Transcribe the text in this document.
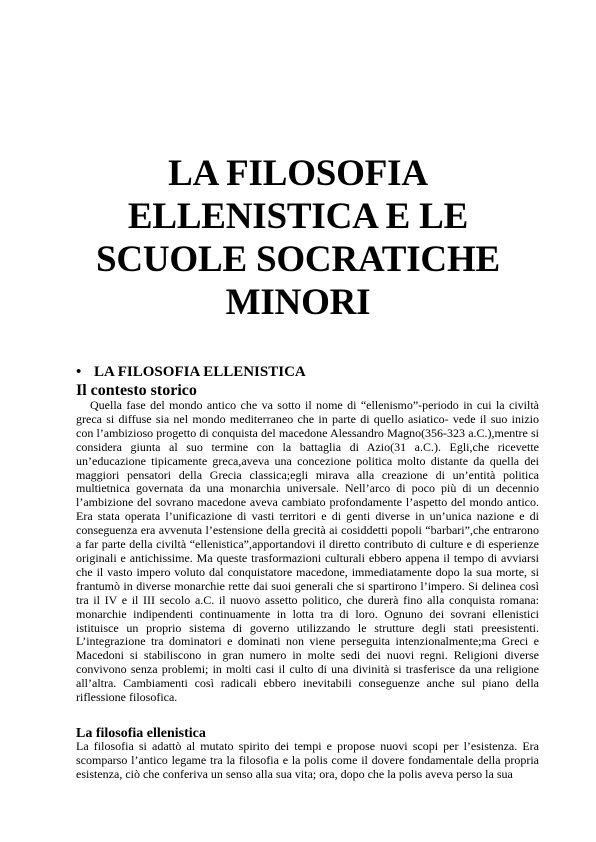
LA FILOSOFIA ELLENISTICA E LE SCUOLE SOCRATICHE MINORI
• LA FILOSOFIA ELLENISTICA
Il contesto storico

Quella fase del mondo antico che va sotto il nome di “ellenismo”-periodo in cui la civiltà greca si diffuse sia nel mondo mediterraneo che in parte di quello asiatico- vede il suo inizio con l’ambizioso progetto di conquista del macedone Alessandro Magno(356-323 a.C.),mentre si considera giunta al suo termine con la battaglia di Azio(31 a.C.). Egli,che ricevette un’educazione tipicamente greca,aveva una concezione politica molto distante da quella dei maggiori pensatori della Grecia classica;egli mirava alla creazione di un’entità politica multietnica governata da una monarchia universale. Nell’arco di poco più di un decennio l’ambizione del sovrano macedone aveva cambiato profondamente l’aspetto del mondo antico. Era stata operata l’unificazione di vasti territori e di genti diverse in un’unica nazione e di conseguenza era avvenuta l’estensione della grecità ai cosiddetti popoli “barbari”,che entrarono a far parte della civiltà “ellenistica”,apportandovi il diretto contributo di culture e di esperienze originali e antichissime. Ma queste trasformazioni culturali ebbero appena il tempo di avviarsi che il vasto impero voluto dal conquistatore macedone, immediatamente dopo la sua morte, si frantumò in diverse monarchie rette dai suoi generali che si spartirono l’impero. Si delinea così tra il IV e il III secolo a.C. il nuovo assetto politico, che durerà fino alla conquista romana: monarchie indipendenti continuamente in lotta tra di loro. Ognuno dei sovrani ellenistici istituisce un proprio sistema di governo utilizzando le strutture degli stati preesistenti. L’integrazione tra dominatori e dominati non viene perseguita intenzionalmente;ma Greci e Macedoni si stabiliscono in gran numero in molte sedi dei nuovi regni. Religioni diverse convivono senza problemi; in molti casi il culto di una divinità si trasferisce da una religione all’altra. Cambiamenti così radicali ebbero inevitabili conseguenze anche sul piano della riflessione filosofica.

La filosofia ellenistica

La filosofia si adattò al mutato spirito dei tempi e propose nuovi scopi per l’esistenza. Era scomparso l’antico legame tra la filosofia e la polis come il dovere fondamentale della propria esistenza, ciò che conferiva un senso alla sua vita; ora, dopo che la polis aveva perso la sua
